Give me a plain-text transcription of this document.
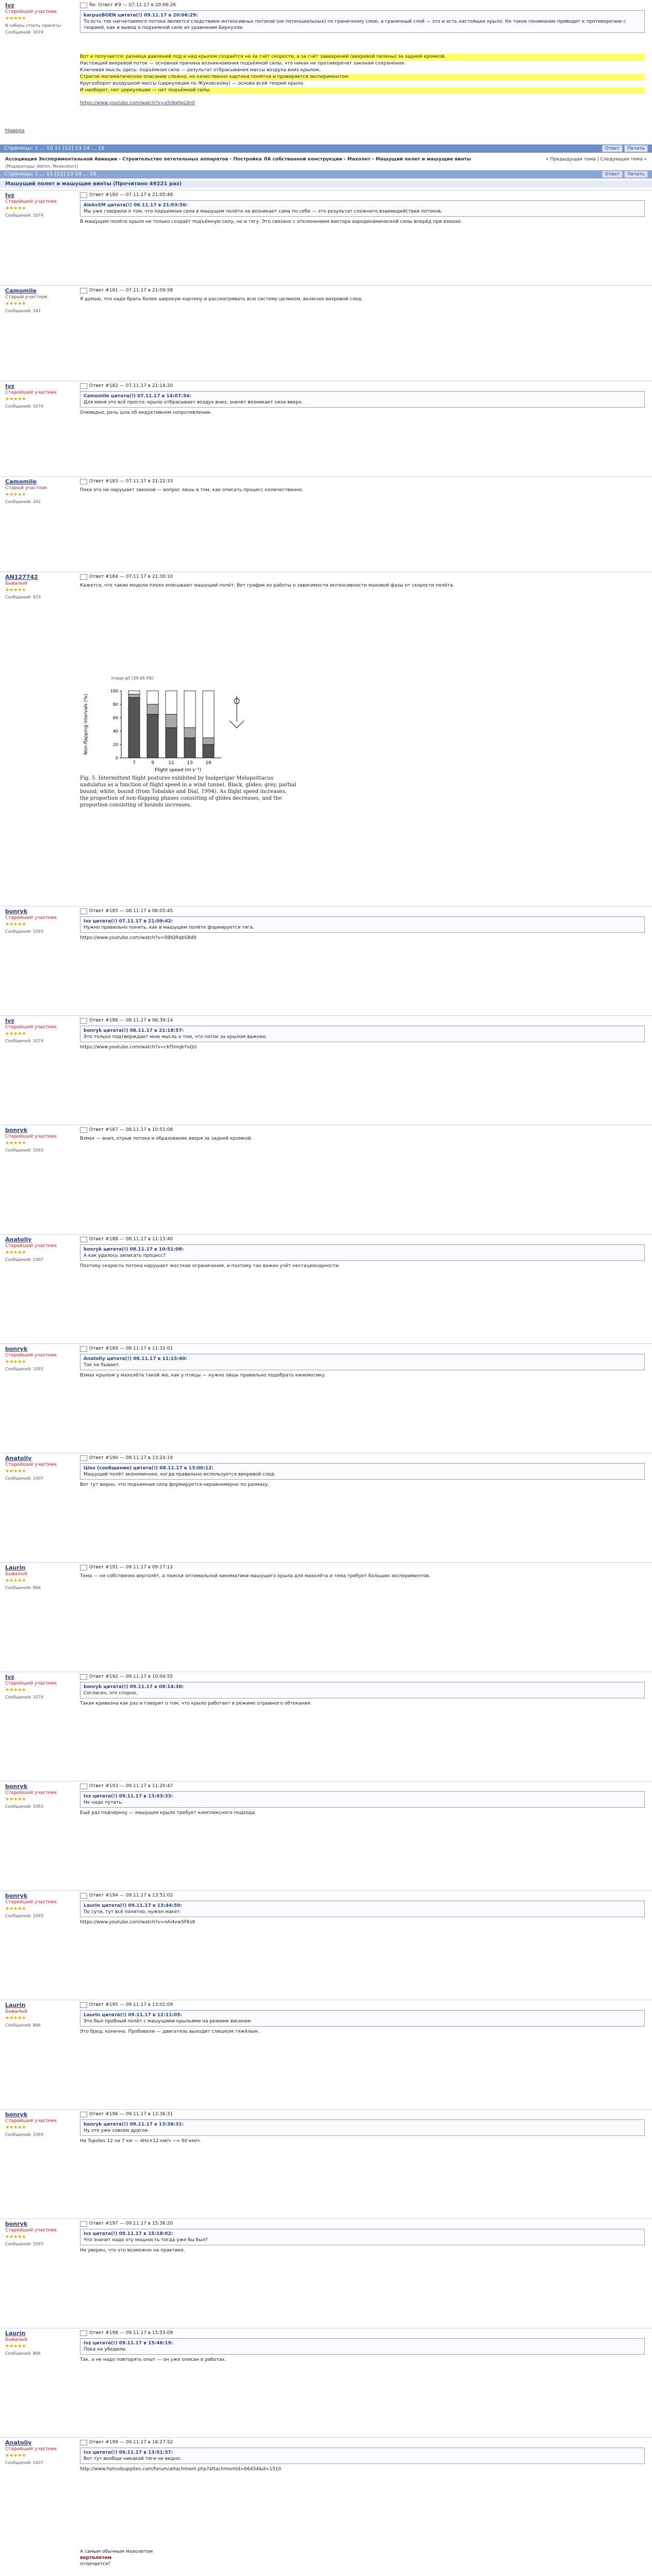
Ivz
Старейший участник
★★★★★
В сибирь стоить принятьl
Сообщений: 1074
Re: Ответ #9 — 07.11.17 в 20:06:26
karpuzBOEN цитата(!) 09.11.17 в 20:06:29:
То есть ток нагнетаемого потока является следствием интенсивных потоков (не потенциальных) по граничному слою, а граничный слой — это и есть настоящее крыло. Но такое понимание приводит к противоречию с теорией, как и вывод о подъемной силе из уравнения Бернулли.
Вот и получается: разница давлений под и над крылом создаётся не за счёт скорости, а за счёт завихрений (вихревой пелены) за задней кромкой.
Настоящий вихревой поток — основная причина возникновения подъёмной силы, что никак не противоречит законам сохранения.
Ключевая мысль здесь: подъёмная сила — результат отбрасывания массы воздуха вниз крылом.
Строгое математическое описание сложно, но качественно картина понятна и проверяется экспериментом.
Кругооборот воздушной массы (циркуляция по Жуковскому) — основа всей теории крыла.
И наоборот, нет циркуляции — нет подъёмной силы.
https://www.youtube.com/watch?v=a5i9qHpL0n0
Наверх
Страницы: 1 ... 10 11 [12] 13 14 ... 16	Ответ Печать
Ассоциация Экспериментальной Авиации › Строительство летательных аппаратов › Постройка ЛА собственной конструкции › Махолет › Машущий полет и машущие винты	« Предыдущая тема | Следующая тема »
(Модераторы: Admin, Moderator1)
Страницы: 1 ... 11 [12] 13 14 ... 16	Ответ Печать
Машущий полет и машущие винты (Прочитано 49221 раз)
Ivz
Старейший участник
★★★★★
Сообщений: 1074
Ответ #180 — 07.11.17 в 21:05:48
AleksSM цитата(!) 06.11.17 в 21:03:56:
Мы уже говорили о том, что подъемная сила в машущем полёте не возникает сама по себе — это результат сложного взаимодействия потоков.
В машущем полёте крыло не только создаёт подъёмную силу, но и тягу. Это связано с отклонением вектора аэродинамической силы вперёд при взмахе.
Camomile
Старый участник
★★★★★
Сообщений: 342
Ответ #181 — 07.11.17 в 21:09:58
Я думаю, что надо брать более широкую картину и рассматривать всю систему целиком, включая вихревой след.
Ivz
Старейший участник
★★★★★
Сообщений: 1074
Ответ #182 — 07.11.17 в 21:14:20
Camomile цитата(!) 07.11.17 в 14:07:34:
Для меня это всё просто: крыло отбрасывает воздух вниз, значит возникает сила вверх.
Очевидно, речь шла об индуктивном сопротивлении.
Camomile
Старый участник
★★★★★
Сообщений: 342
Ответ #183 — 07.11.17 в 21:22:33
Пока это не нарушает законов — вопрос лишь в том, как описать процесс количественно.
AN127742
Бывалый
★★★★★
Сообщений: 933
Ответ #184 — 07.11.17 в 21:30:10
Кажется, что такие модели плохо описывают машущий полёт. Вот график из работы о зависимости интенсивности маховой фазы от скорости полёта.
image.gif (39.66 КБ)
0
20
40
60
80
100
7	9	11	13	16
Flight speed (m s⁻¹)
Non-flapping intervals (%)
Fig. 5. Intermittent flight postures exhibited by budgerigar Melopsittacus undulatus as a function of flight speed in a wind tunnel. Black, glides; grey, partial bound; white, bound (from Tobalske and Dial, 1994). As flight speed increases, the proportion of non-flapping phases consisting of glides decreases, and the proportion consisting of bounds increases.
bonryk
Старейший участник
★★★★★
Сообщений: 1093
Ответ #185 — 08.11.17 в 06:05:45
Ivz цитата(!) 07.11.17 в 21:09:42:
Нужно правильно понять, как в машущем полёте формируется тяга.
https://www.youtube.com/watch?v=0BIQRqbSBd9
Ivz
Старейший участник
★★★★★
Сообщений: 1074
Ответ #186 — 08.11.17 в 06:39:14
bonryk цитата(!) 08.11.17 в 21:18:57:
Это только подтверждает мою мысль о том, что поток за крылом важнее.
https://www.youtube.com/watch?v=ckf5mqkYvQU
bonryk
Старейший участник
★★★★★
Сообщений: 1093
Ответ #187 — 08.11.17 в 10:51:08
Взмах — вниз, отрыв потока и образование вихря за задней кромкой.
Anatoliy
Старейший участник
★★★★★
Сообщений: 1407
Ответ #188 — 08.11.17 в 11:15:40
bonryk цитата(!) 08.11.17 в 10:51:08:
А как удалось записать процесс?
Поэтому скорость потока нарушает жесткие ограничения, и поэтому так важен учёт нестационарности.
bonryk
Старейший участник
★★★★★
Сообщений: 1093
Ответ #189 — 08.11.17 в 11:32:01
Anatoliy цитата(!) 08.11.17 в 11:15:40:
Так не бывает.
Взмах крылом у махолёта такой же, как у птицы — нужно лишь правильно подобрать кинематику.
Anatoliy
Старейший участник
★★★★★
Сообщений: 1407
Ответ #190 — 08.11.17 в 13:24:19
Шах (сообщение) цитата(!) 08.11.17 в 13:00:12:
Машущий полёт экономичнее, когда правильно используется вихревой след.
Вот тут видно, что подъемная сила формируется неравномерно по размаху.
Laurin
Бывалый
★★★★★
Сообщений: 866
Ответ #191 — 09.11.17 в 09:17:12
Тема — не собственно вертолёт, а поиски оптимальной кинематики машущего крыла для махолёта и тема требует больших экспериментов.
Ivz
Старейший участник
★★★★★
Сообщений: 1074
Ответ #192 — 09.11.17 в 10:04:55
bonryk цитата(!) 09.11.17 в 08:14:30:
Согласен, это спорно.
Такая кривизна как раз и говорит о том, что крыло работает в режиме отрывного обтекания.
bonryk
Старейший участник
★★★★★
Сообщений: 1093
Ответ #193 — 09.11.17 в 11:20:47
Ivz цитата(!) 09.11.17 в 13:43:33:
Не надо путать.
Ещё раз подчеркну — машущее крыло требует комплексного подхода.
bonryk
Старейший участник
★★★★★
Сообщений: 1093
Ответ #194 — 09.11.17 в 13:51:02
Laurin цитата(!) 09.11.17 в 13:44:50:
По сути, тут всё понятно, нужен макет.
https://www.youtube.com/watch?v=nAi4vw5FKs8
Laurin
Бывалый
★★★★★
Сообщений: 866
Ответ #195 — 09.11.17 в 13:01:09
Laurin цитата(!) 09.11.17 в 12:11:05:
Это был пробный полёт с машущими крыльями на режиме висения.
Это бред, конечно. Пробовали — двигатель выходит слишком тяжёлым.
bonryk
Старейший участник
★★★★★
Сообщений: 1093
Ответ #196 — 09.11.17 в 13:36:31
bonryk цитата(!) 09.11.17 в 13:36:31:
Ну это уже совсем другое.
На Tupolev 12 на 7 км — 4Hz×12 км/ч ~= 60 км/ч.
bonryk
Старейший участник
★★★★★
Сообщений: 1093
Ответ #197 — 09.11.17 в 15:36:20
Ivz цитата(!) 09.11.17 в 15:18:02:
Что значит надо эту мощность тогда уже бы был?
Не уверен, что это возможно на практике.
Laurin
Бывалый
★★★★★
Сообщений: 866
Ответ #198 — 09.11.17 в 15:55:09
Ivz цитата(!) 09.11.17 в 15:46:19:
Пока не убедили.
Так, а не надо повторять опыт — он уже описан в работах.
Anatoliy
Старейший участник
★★★★★
Сообщений: 1407
Ответ #199 — 09.11.17 в 16:27:52
Ivz цитата(!) 09.11.17 в 13:51:37:
Вот тут вообще никакой тяги не видно.
http://www.hotrodsupplies.com/forum/attachment.php?attachmentid=66454&d=1510
А самым обычным махолетом
вертолетом
отличается?
